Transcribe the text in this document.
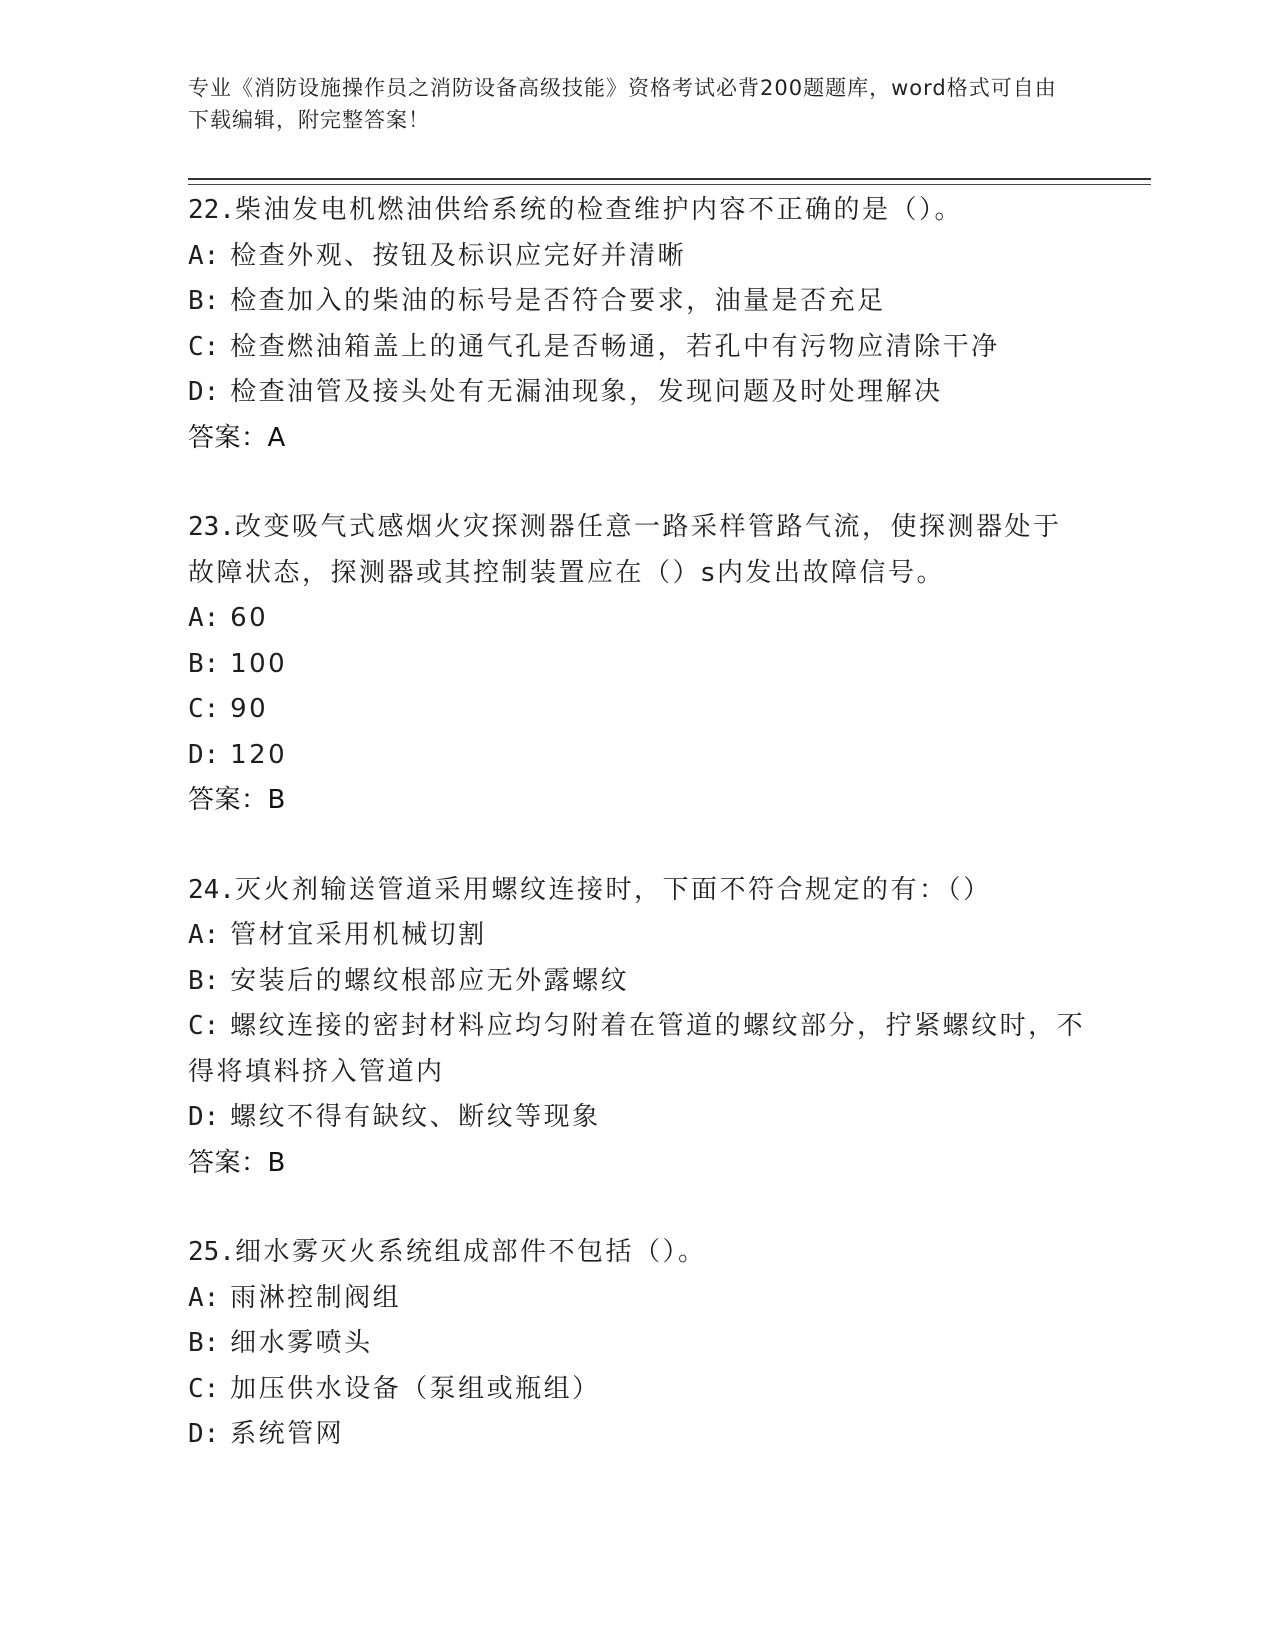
专业《消防设施操作员之消防设备高级技能》资格考试必背200题题库，word格式可自由下载编辑，附完整答案！
22.柴油发电机燃油供给系统的检查维护内容不正确的是（）。
A: 检查外观、按钮及标识应完好并清晰
B: 检查加入的柴油的标号是否符合要求，油量是否充足
C: 检查燃油箱盖上的通气孔是否畅通，若孔中有污物应清除干净
D: 检查油管及接头处有无漏油现象，发现问题及时处理解决
答案：A
23.改变吸气式感烟火灾探测器任意一路采样管路气流，使探测器处于故障状态，探测器或其控制装置应在（）s内发出故障信号。
A: 60
B: 100
C: 90
D: 120
答案：B
24.灭火剂输送管道采用螺纹连接时，下面不符合规定的有：（）
A: 管材宜采用机械切割
B: 安装后的螺纹根部应无外露螺纹
C: 螺纹连接的密封材料应均匀附着在管道的螺纹部分，拧紧螺纹时，不得将填料挤入管道内
D: 螺纹不得有缺纹、断纹等现象
答案：B
25.细水雾灭火系统组成部件不包括（）。
A: 雨淋控制阀组
B: 细水雾喷头
C: 加压供水设备（泵组或瓶组）
D: 系统管网
